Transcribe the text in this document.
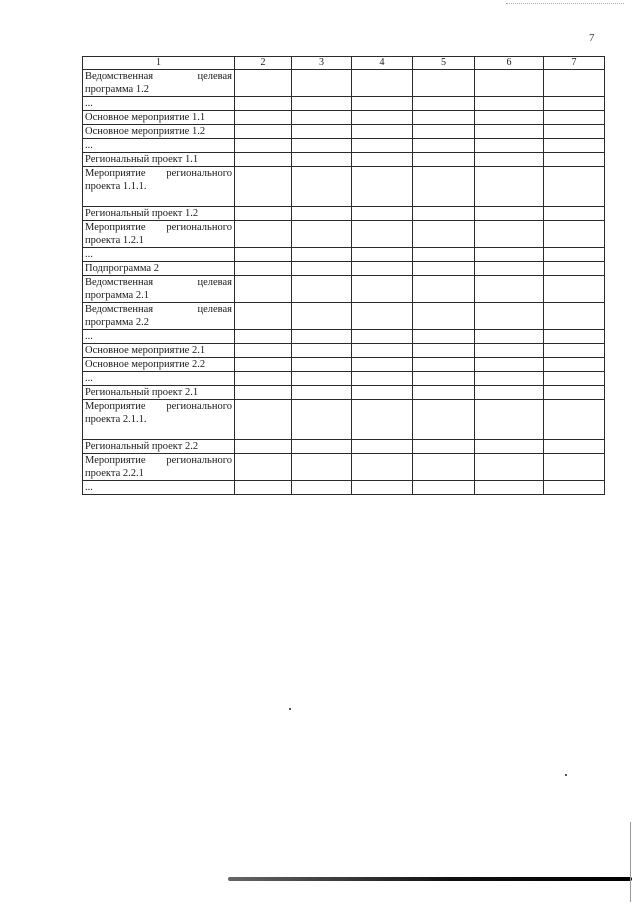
7
1	2	3	4	5	6	7
Ведомственная целевая программа 1.2						
...						
Основное мероприятие 1.1						
Основное мероприятие 1.2						
...						
Региональный проект 1.1						
Мероприятие регионального проекта 1.1.1.						
Региональный проект 1.2						
Мероприятие регионального проекта 1.2.1						
...						
Подпрограмма 2						
Ведомственная целевая программа 2.1						
Ведомственная целевая программа 2.2						
...						
Основное мероприятие 2.1						
Основное мероприятие 2.2						
...						
Региональный проект 2.1						
Мероприятие регионального проекта 2.1.1.						
Региональный проект 2.2						
Мероприятие регионального проекта 2.2.1						
...						
